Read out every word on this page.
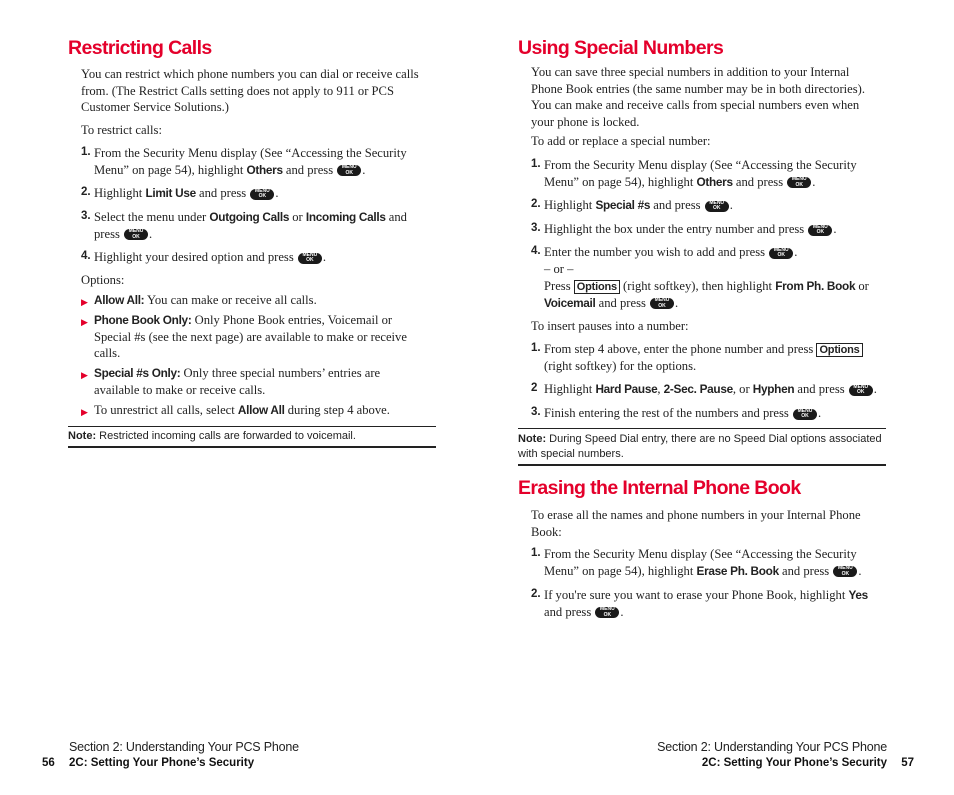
Restricting Calls

You can restrict which phone numbers you can dial or receive calls from. (The Restrict Calls setting does not apply to 911 or PCS Customer Service Solutions.)

To restrict calls:

1. From the Security Menu display (See “Accessing the Security Menu” on page 54), highlight Others and press MENU
OK .

2. Highlight Limit Use and press MENU
OK .

3. Select the menu under Outgoing Calls or Incoming Calls and press MENU
OK .

4. Highlight your desired option and press MENU
OK .

Options:

▶ Allow All: You can make or receive all calls.

▶ Phone Book Only: Only Phone Book entries, Voicemail or Special #s (see the next page) are available to make or receive calls.

▶ Special #s Only: Only three special numbers’ entries are available to make or receive calls.

▶ To unrestrict all calls, select Allow All during step 4 above.

Note: Restricted incoming calls are forwarded to voicemail.
Using Special Numbers

You can save three special numbers in addition to your Internal Phone Book entries (the same number may be in both directories). You can make and receive calls from special numbers even when your phone is locked.

To add or replace a special number:

1. From the Security Menu display (See “Accessing the Security Menu” on page 54), highlight Others and press MENU
OK .

2. Highlight Special #s and press MENU
OK .

3. Highlight the box under the entry number and press MENU
OK .

4. Enter the number you wish to add and press MENU
OK .

– or –

Press Options (right softkey), then highlight From Ph. Book or
Voicemail and press MENU
OK .

To insert pauses into a number:

1. From step 4 above, enter the phone number and press Options
(right softkey) for the options.

2 Highlight Hard Pause, 2-Sec. Pause, or Hyphen and press MENU
OK .

3. Finish entering the rest of the numbers and press MENU
OK .

Note: During Speed Dial entry, there are no Speed Dial options associated with special numbers.
Erasing the Internal Phone Book

To erase all the names and phone numbers in your Internal Phone Book:

1. From the Security Menu display (See “Accessing the Security Menu” on page 54), highlight Erase Ph. Book and press MENU
OK .

2. If you're sure you want to erase your Phone Book, highlight Yes and press MENU
OK .

Section 2: Understanding Your PCS Phone
56 2C: Setting Your Phone’s Security
Section 2: Understanding Your PCS Phone
2C: Setting Your Phone’s Security 57
